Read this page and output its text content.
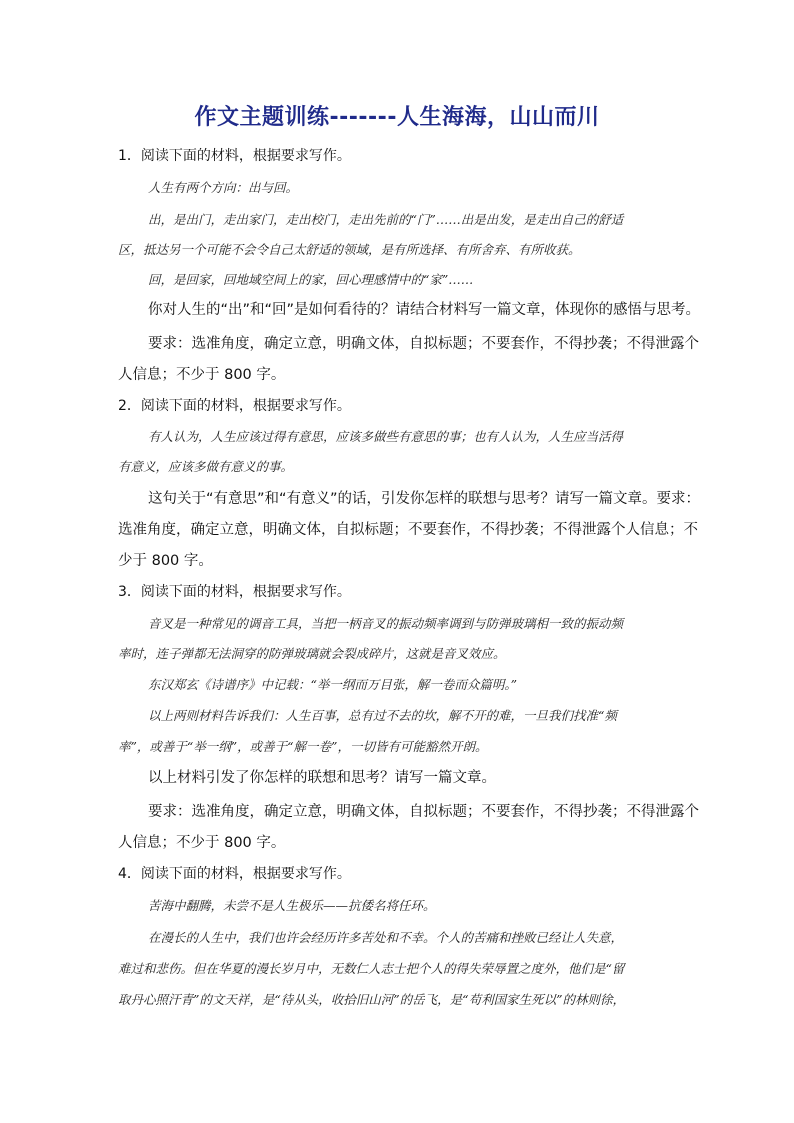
作文主题训练-------人生海海，山山而川
1．阅读下面的材料，根据要求写作。
人生有两个方向：出与回。
出，是出门，走出家门，走出校门，走出先前的“门”……出是出发，是走出自己的舒适
区，抵达另一个可能不会令自己太舒适的领域，是有所选择、有所舍弃、有所收获。
回，是回家，回地域空间上的家，回心理感情中的“家”……
你对人生的“出”和“回”是如何看待的？请结合材料写一篇文章，体现你的感悟与思考。
要求：选准角度，确定立意，明确文体，自拟标题；不要套作，不得抄袭；不得泄露个
人信息；不少于 800 字。
2．阅读下面的材料，根据要求写作。
有人认为，人生应该过得有意思，应该多做些有意思的事；也有人认为，人生应当活得
有意义，应该多做有意义的事。
这句关于“有意思”和“有意义”的话，引发你怎样的联想与思考？请写一篇文章。要求：
选准角度，确定立意，明确文体，自拟标题；不要套作，不得抄袭；不得泄露个人信息；不
少于 800 字。
3．阅读下面的材料，根据要求写作。
音叉是一种常见的调音工具，当把一柄音叉的振动频率调到与防弹玻璃相一致的振动频
率时，连子弹都无法洞穿的防弹玻璃就会裂成碎片，这就是音叉效应。
东汉郑玄《诗谱序》中记载：“举一纲而万目张，解一卷而众篇明。”
以上两则材料告诉我们：人生百事，总有过不去的坎，解不开的难，一旦我们找准“频
率”，或善于“举一纲”，或善于“解一卷”，一切皆有可能豁然开朗。
以上材料引发了你怎样的联想和思考？请写一篇文章。
要求：选准角度，确定立意，明确文体，自拟标题；不要套作，不得抄袭；不得泄露个
人信息；不少于 800 字。
4．阅读下面的材料，根据要求写作。
苦海中翻腾，未尝不是人生极乐——抗倭名将任环。
在漫长的人生中，我们也许会经历许多苦处和不幸。个人的苦痛和挫败已经让人失意，
难过和悲伤。但在华夏的漫长岁月中，无数仁人志士把个人的得失荣辱置之度外，他们是“留
取丹心照汗青”的文天祥，是“待从头，收拾旧山河”的岳飞，是“苟利国家生死以”的林则徐，
